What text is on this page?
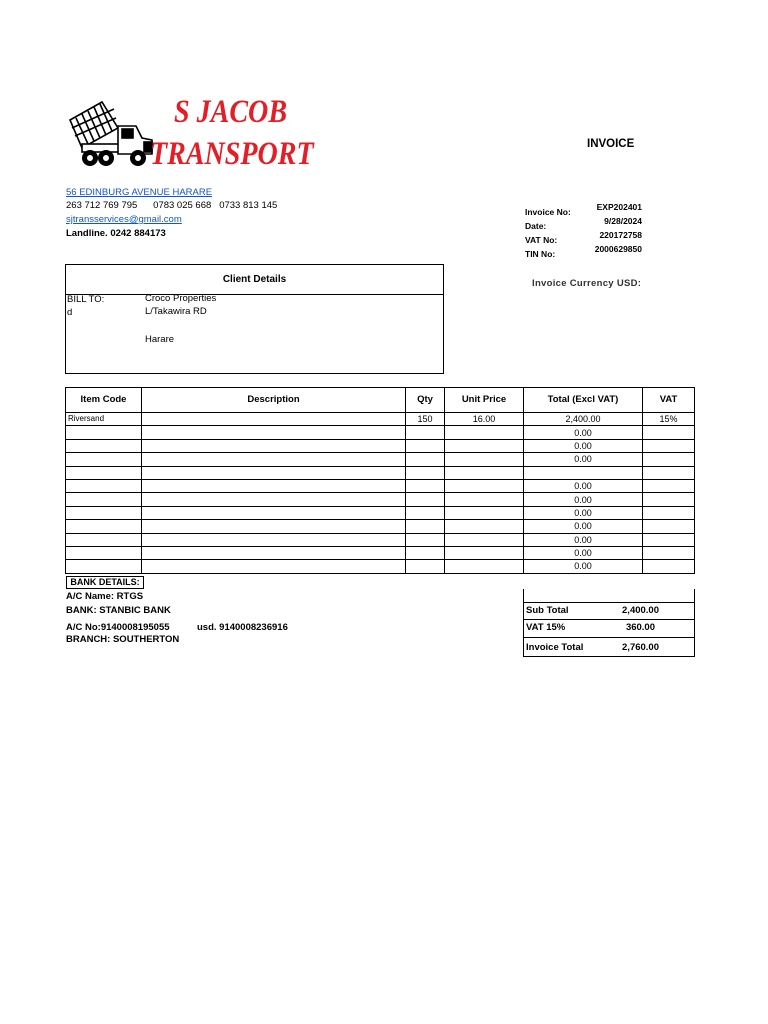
S JACOB
TRANSPORT	INVOICE
56 EDINBURG AVENUE HARARE
263 712 769 795      0783 025 668   0733 813 145
sjtransservices@gmail.com
Landline. 0242 884173
Invoice No:	EXP202401
Date:	9/28/2024
VAT No:	220172758
TIN No:	2000629850
Invoice Currency USD:
Client Details
BILL TO:
d
Croco Properties
L/Takawira RD
Harare
Item Code	Description	Qty	Unit Price	Total (Excl VAT)	VAT
Riversand		150	16.00	2,400.00	15%
				0.00	
				0.00	
				0.00	

				0.00	
				0.00	
				0.00	
				0.00	
				0.00	
				0.00	
				0.00	
BANK DETAILS:
A/C Name: RTGS
BANK: STANBIC BANK
A/C No:9140008195055	usd. 9140008236916
BRANCH: SOUTHERTON
Sub Total	2,400.00
VAT 15%	360.00
Invoice Total	2,760.00
